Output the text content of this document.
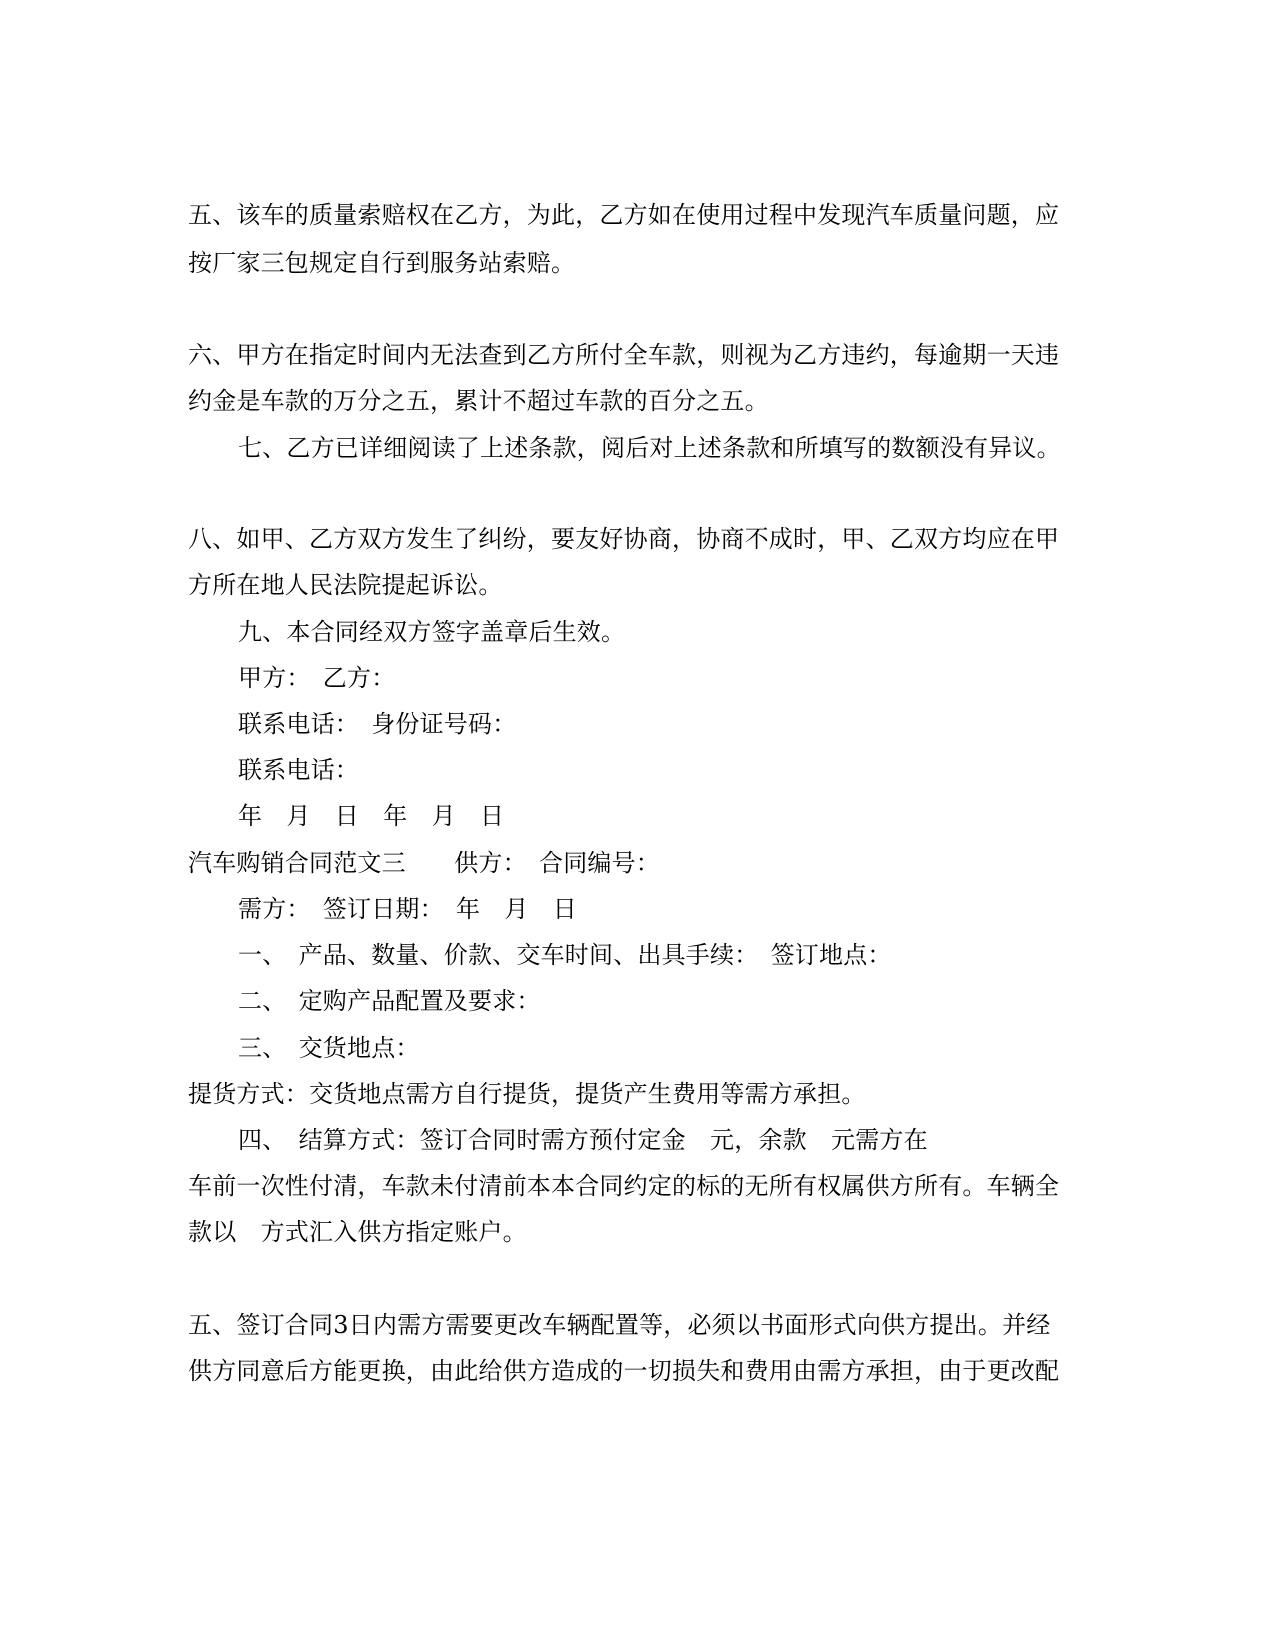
五、该车的质量索赔权在乙方，为此，乙方如在使用过程中发现汽车质量问题，应
按厂家三包规定自行到服务站索赔。
六、甲方在指定时间内无法查到乙方所付全车款，则视为乙方违约，每逾期一天违
约金是车款的万分之五，累计不超过车款的百分之五。
七、乙方已详细阅读了上述条款，阅后对上述条款和所填写的数额没有异议。
八、如甲、乙方双方发生了纠纷，要友好协商，协商不成时，甲、乙双方均应在甲
方所在地人民法院提起诉讼。
九、本合同经双方签字盖章后生效。
甲方：　乙方：
联系电话：　身份证号码：
联系电话：
年　月　日　年　月　日
汽车购销合同范文三　　供方：　合同编号：
需方：　签订日期：　年　月　日
一、　产品、数量、价款、交车时间、出具手续：　签订地点：
二、　定购产品配置及要求：
三、　交货地点：
提货方式：交货地点需方自行提货，提货产生费用等需方承担。
四、　结算方式：签订合同时需方预付定金　元，余款　元需方在
车前一次性付清，车款未付清前本本合同约定的标的无所有权属供方所有。车辆全
款以　方式汇入供方指定账户。
五、签订合同3日内需方需要更改车辆配置等，必须以书面形式向供方提出。并经
供方同意后方能更换，由此给供方造成的一切损失和费用由需方承担，由于更改配
